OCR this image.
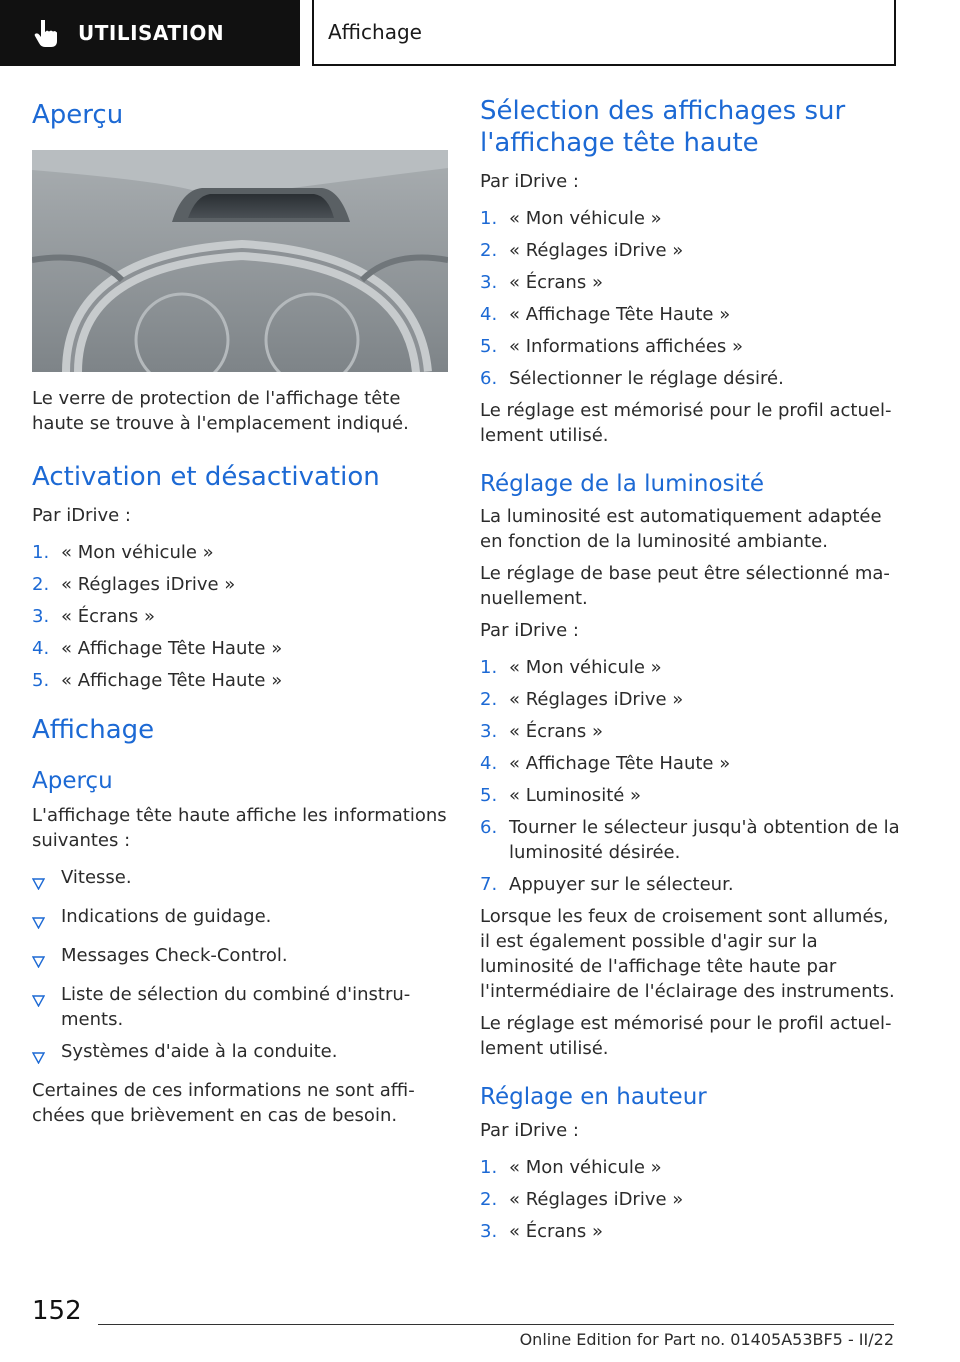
UTILISATION	Affichage
Aperçu

Le verre de protection de l'affichage tête haute se trouve à l'emplacement indiqué.

Activation et désactivation

Par iDrive :

1. « Mon véhicule »
2. « Réglages iDrive »
3. « Écrans »
4. « Affichage Tête Haute »
5. « Affichage Tête Haute »
Affichage
Aperçu

L'affichage tête haute affiche les informations suivantes :

Vitesse.
Indications de guidage.
Messages Check-Control.
Liste de sélection du combiné d'instruments.
Systèmes d'aide à la conduite.

Certaines de ces informations ne sont affichées que brièvement en cas de besoin.

Sélection des affichages sur l'affichage tête haute

Par iDrive :

1. « Mon véhicule »
2. « Réglages iDrive »
3. « Écrans »
4. « Affichage Tête Haute »
5. « Informations affichées »
6. Sélectionner le réglage désiré.

Le réglage est mémorisé pour le profil actuellement utilisé.

Réglage de la luminosité

La luminosité est automatiquement adaptée en fonction de la luminosité ambiante.

Le réglage de base peut être sélectionné manuellement.

Par iDrive :

1. « Mon véhicule »
2. « Réglages iDrive »
3. « Écrans »
4. « Affichage Tête Haute »
5. « Luminosité »
6. Tourner le sélecteur jusqu'à obtention de la luminosité désirée.
7. Appuyer sur le sélecteur.

Lorsque les feux de croisement sont allumés, il est également possible d'agir sur la luminosité de l'affichage tête haute par l'intermédiaire de l'éclairage des instruments.

Le réglage est mémorisé pour le profil actuellement utilisé.

Réglage en hauteur

Par iDrive :

1. « Mon véhicule »
2. « Réglages iDrive »
3. « Écrans »
152
Online Edition for Part no. 01405A53BF5 - II/22
